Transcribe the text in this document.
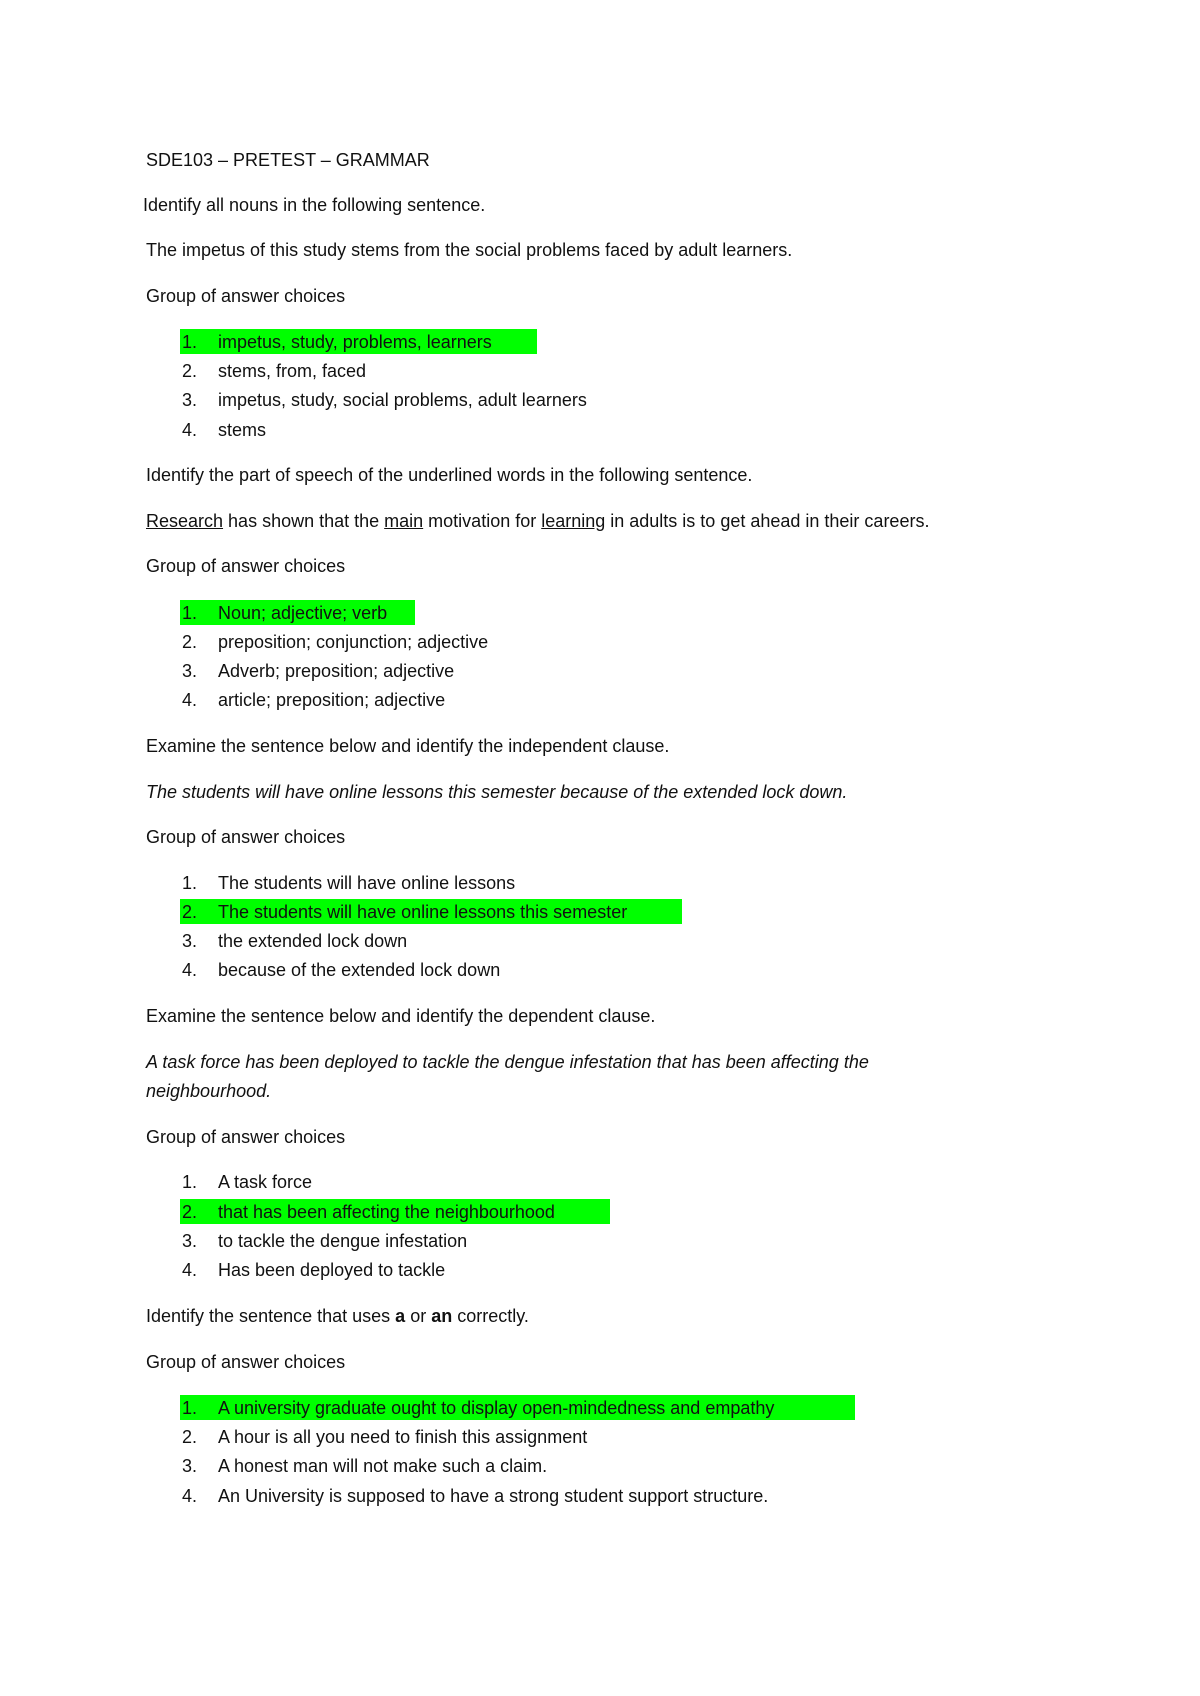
SDE103 – PRETEST – GRAMMAR
Identify all nouns in the following sentence.
The impetus of this study stems from the social problems faced by adult learners.
Group of answer choices
1. impetus, study, problems, learners
2. stems, from, faced
3. impetus, study, social problems, adult learners
4. stems
Identify the part of speech of the underlined words in the following sentence.
Research has shown that the main motivation for learning in adults is to get ahead in their careers.
Group of answer choices
1. Noun; adjective; verb
2. preposition; conjunction; adjective
3. Adverb; preposition; adjective
4. article; preposition; adjective
Examine the sentence below and identify the independent clause.
The students will have online lessons this semester because of the extended lock down.
Group of answer choices
1. The students will have online lessons
2. The students will have online lessons this semester
3. the extended lock down
4. because of the extended lock down
Examine the sentence below and identify the dependent clause.
A task force has been deployed to tackle the dengue infestation that has been affecting the
neighbourhood.
Group of answer choices
1. A task force
2. that has been affecting the neighbourhood
3. to tackle the dengue infestation
4. Has been deployed to tackle
Identify the sentence that uses a or an correctly.
Group of answer choices
1. A university graduate ought to display open-mindedness and empathy
2. A hour is all you need to finish this assignment
3. A honest man will not make such a claim.
4. An University is supposed to have a strong student support structure.
